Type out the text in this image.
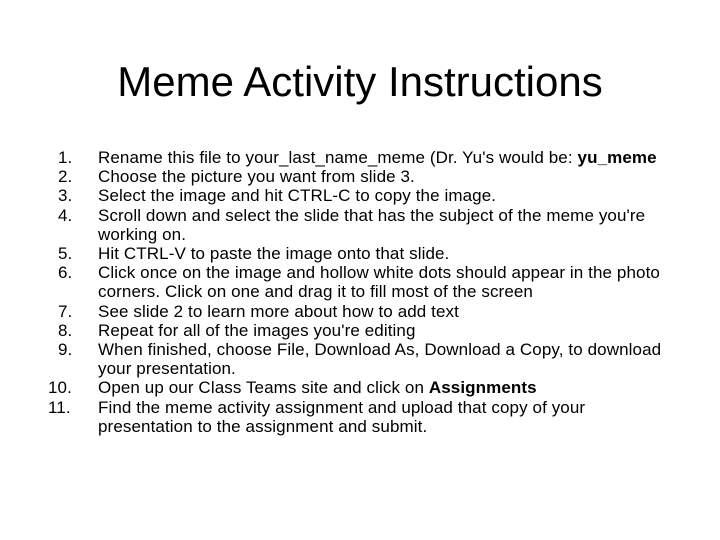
Meme Activity Instructions
1.	Rename this file to your_last_name_meme (Dr. Yu's would be: yu_meme
2.	Choose the picture you want from slide 3.
3.	Select the image and hit CTRL-C to copy the image.
4.	Scroll down and select the slide that has the subject of the meme you're working on.
5.	Hit CTRL-V to paste the image onto that slide.
6.	Click once on the image and hollow white dots should appear in the photo corners. Click on one and drag it to fill most of the screen
7.	See slide 2 to learn more about how to add text
8.	Repeat for all of the images you're editing
9.	When finished, choose File, Download As, Download a Copy, to download your presentation.
10.	Open up our Class Teams site and click on Assignments
11.	Find the meme activity assignment and upload that copy of your presentation to the assignment and submit.
